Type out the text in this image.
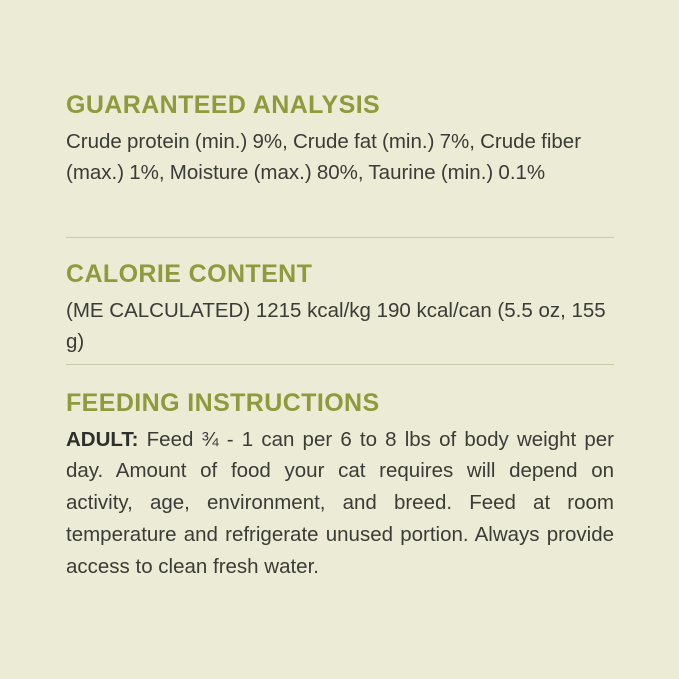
GUARANTEED ANALYSIS

Crude protein (min.) 9%, Crude fat (min.) 7%, Crude fiber (max.) 1%, Moisture (max.) 80%, Taurine (min.) 0.1%

CALORIE CONTENT

(ME CALCULATED) 1215 kcal/kg 190 kcal/can (5.5 oz, 155 g)

FEEDING INSTRUCTIONS

ADULT: Feed ¾ - 1 can per 6 to 8 lbs of body weight per day. Amount of food your cat requires will depend on activity, age, environment, and breed. Feed at room temperature and refrigerate unused portion. Always provide access to clean fresh water.
